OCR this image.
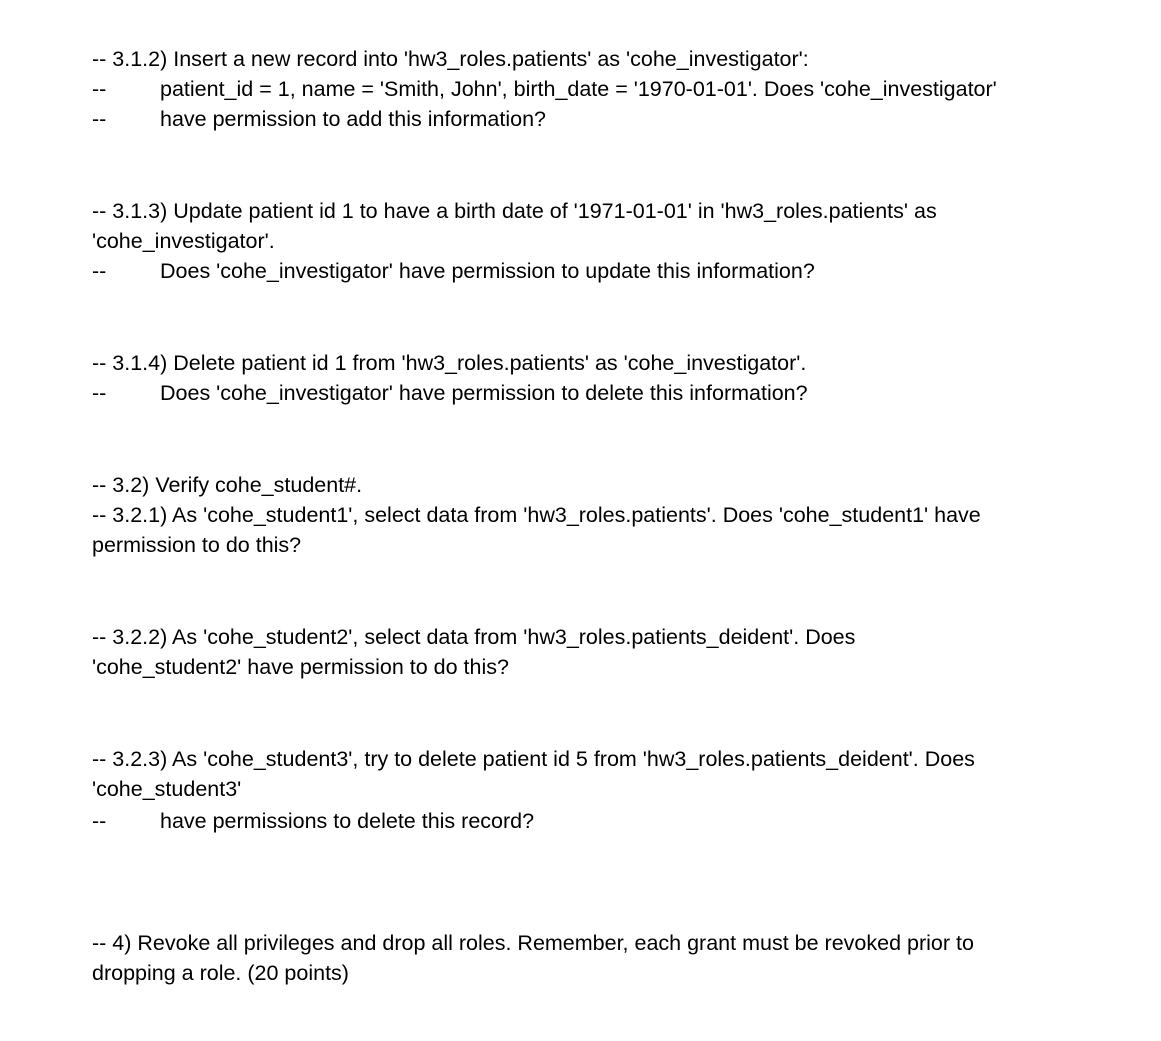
-- 3.1.2) Insert a new record into 'hw3_roles.patients' as 'cohe_investigator':
-- patient_id = 1, name = 'Smith, John', birth_date = '1970-01-01'. Does 'cohe_investigator'
-- have permission to add this information?
-- 3.1.3) Update patient id 1 to have a birth date of '1971-01-01' in 'hw3_roles.patients' as
'cohe_investigator'.
-- Does 'cohe_investigator' have permission to update this information?
-- 3.1.4) Delete patient id 1 from 'hw3_roles.patients' as 'cohe_investigator'.
-- Does 'cohe_investigator' have permission to delete this information?
-- 3.2) Verify cohe_student#.
-- 3.2.1) As 'cohe_student1', select data from 'hw3_roles.patients'. Does 'cohe_student1' have
permission to do this?
-- 3.2.2) As 'cohe_student2', select data from 'hw3_roles.patients_deident'. Does
'cohe_student2' have permission to do this?
-- 3.2.3) As 'cohe_student3', try to delete patient id 5 from 'hw3_roles.patients_deident'. Does
'cohe_student3'
-- have permissions to delete this record?
-- 4) Revoke all privileges and drop all roles. Remember, each grant must be revoked prior to
dropping a role. (20 points)
